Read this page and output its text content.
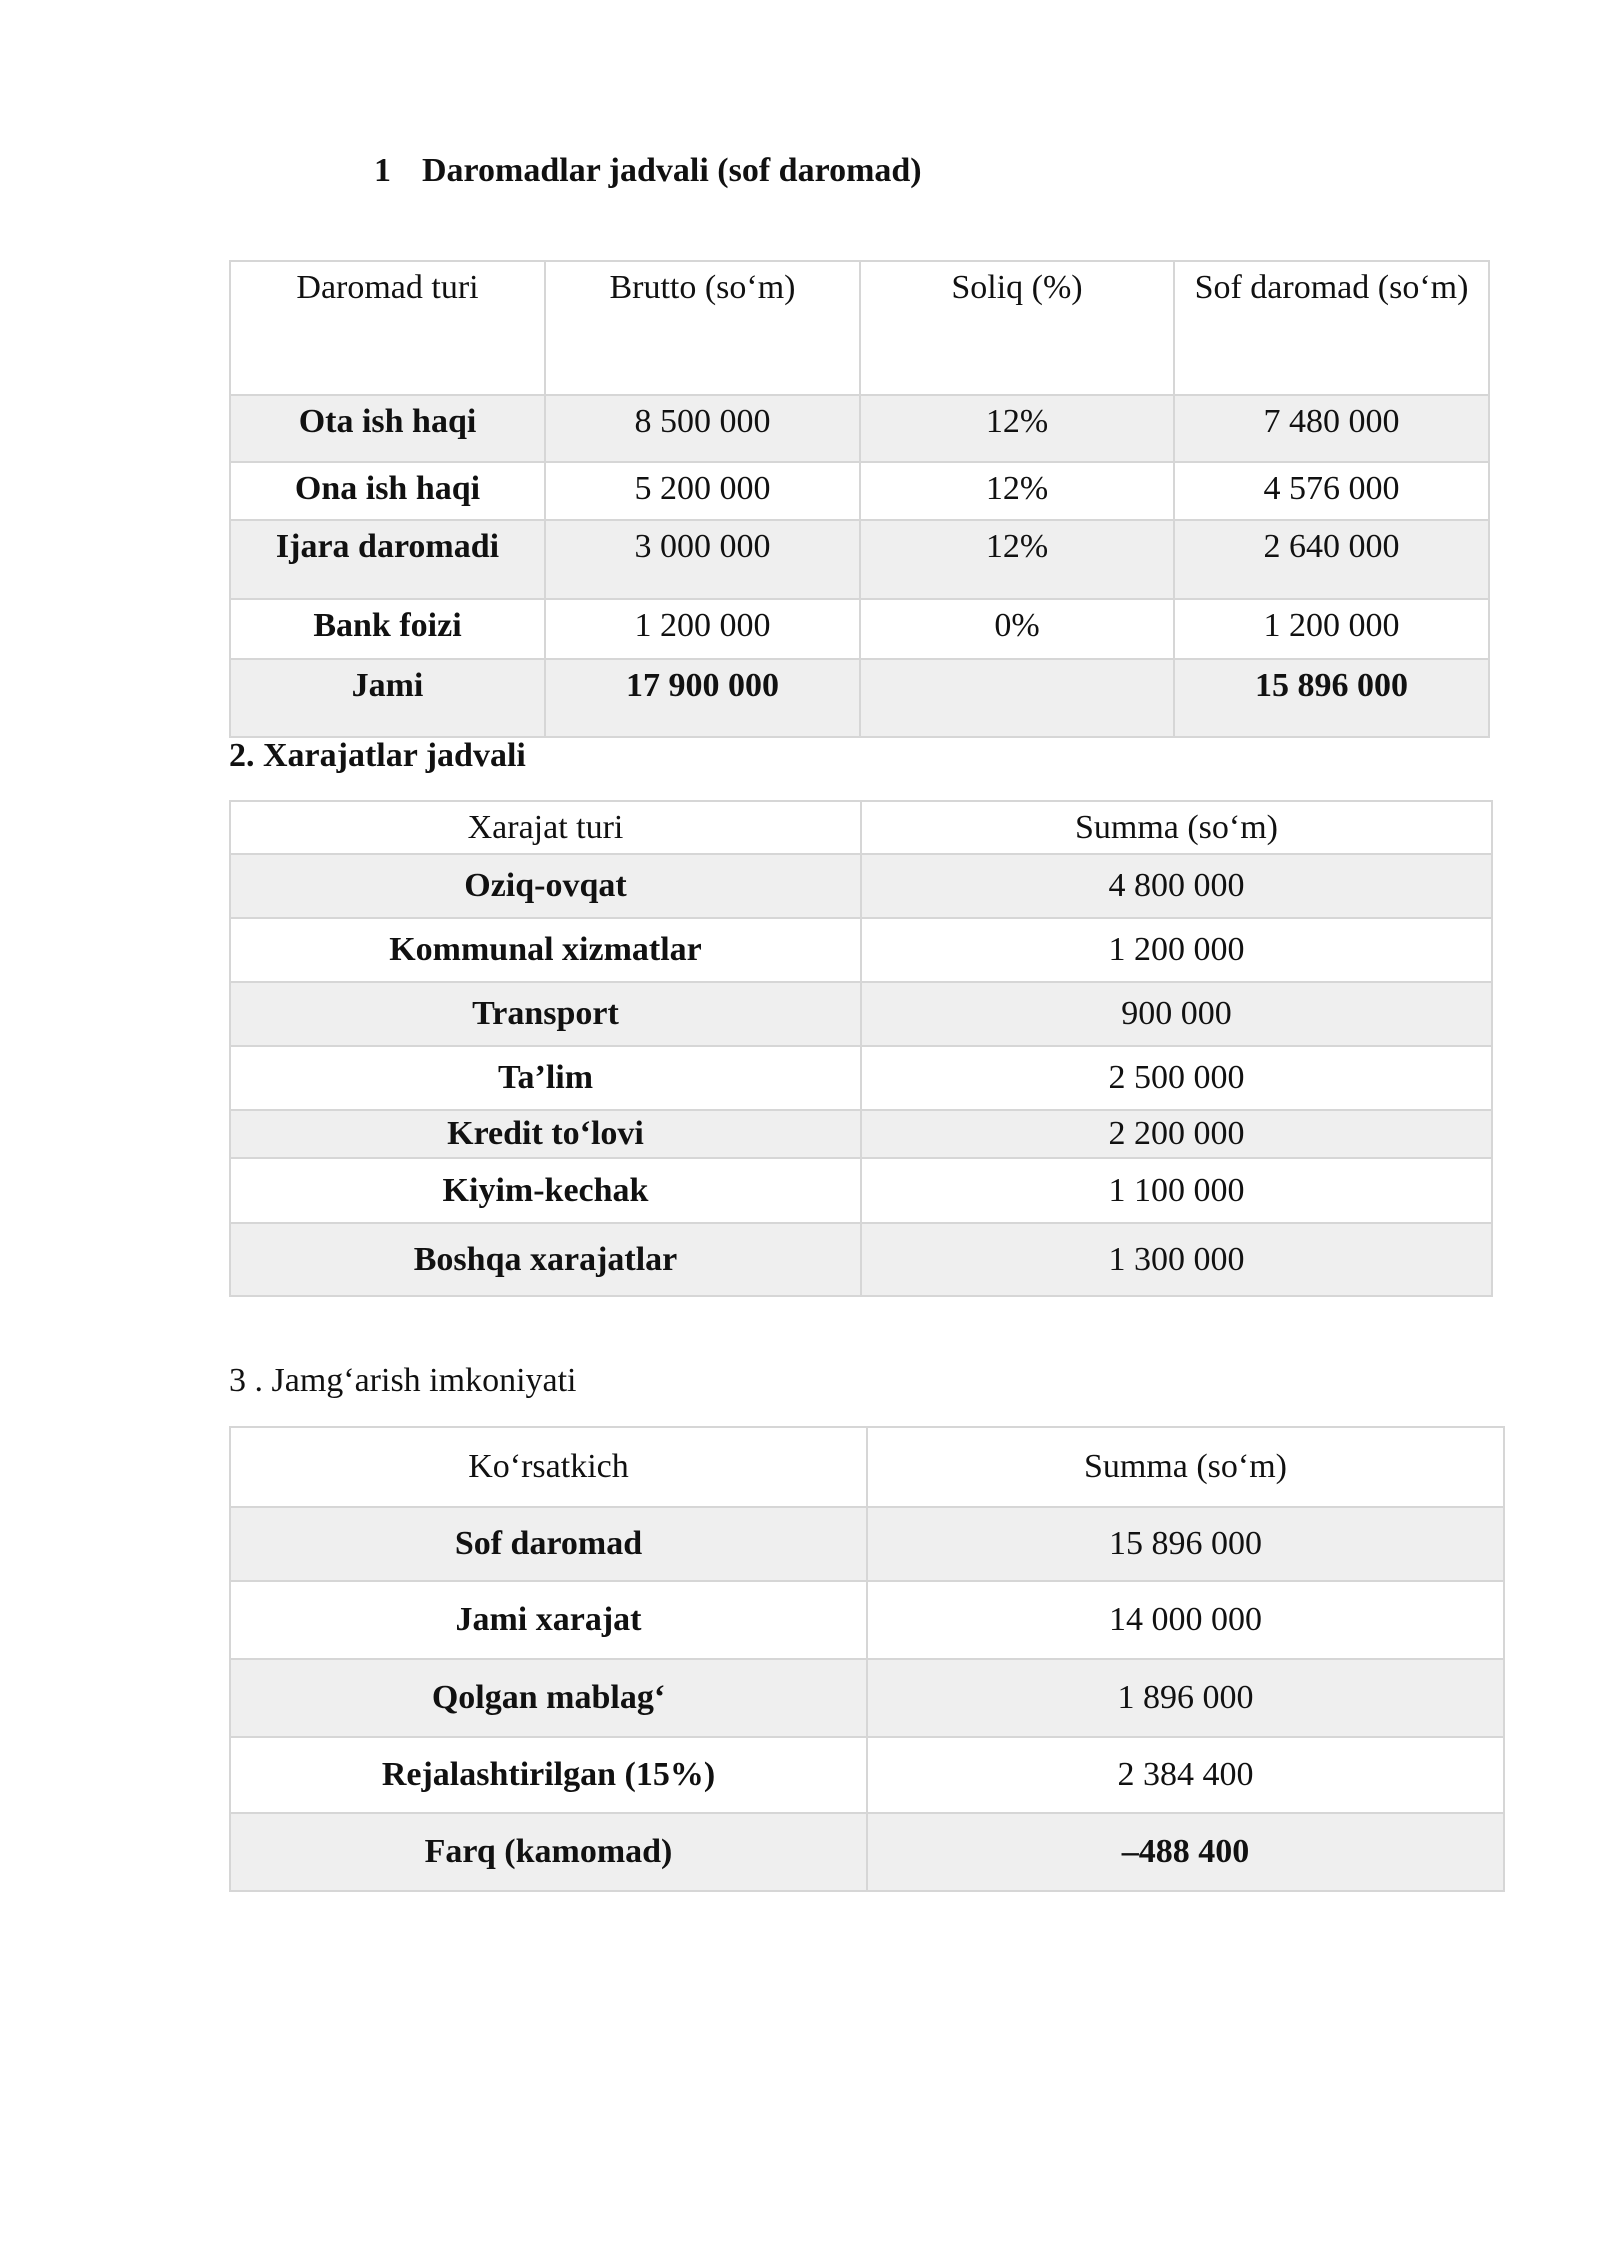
1 Daromadlar jadvali (sof daromad)
Daromad turi	Brutto (so‘m)	Soliq (%)	Sof daromad (so‘m)
Ota ish haqi	8 500 000	12%	7 480 000
Ona ish haqi	5 200 000	12%	4 576 000
Ijara daromadi	3 000 000	12%	2 640 000
Bank foizi	1 200 000	0%	1 200 000
Jami	17 900 000		15 896 000
2. Xarajatlar jadvali
Xarajat turi	Summa (so‘m)
Oziq-ovqat	4 800 000
Kommunal xizmatlar	1 200 000
Transport	900 000
Ta’lim	2 500 000
Kredit to‘lovi	2 200 000
Kiyim-kechak	1 100 000
Boshqa xarajatlar	1 300 000
3 . Jamg‘arish imkoniyati
Ko‘rsatkich	Summa (so‘m)
Sof daromad	15 896 000
Jami xarajat	14 000 000
Qolgan mablag‘	1 896 000
Rejalashtirilgan (15%)	2 384 400
Farq (kamomad)	–488 400
